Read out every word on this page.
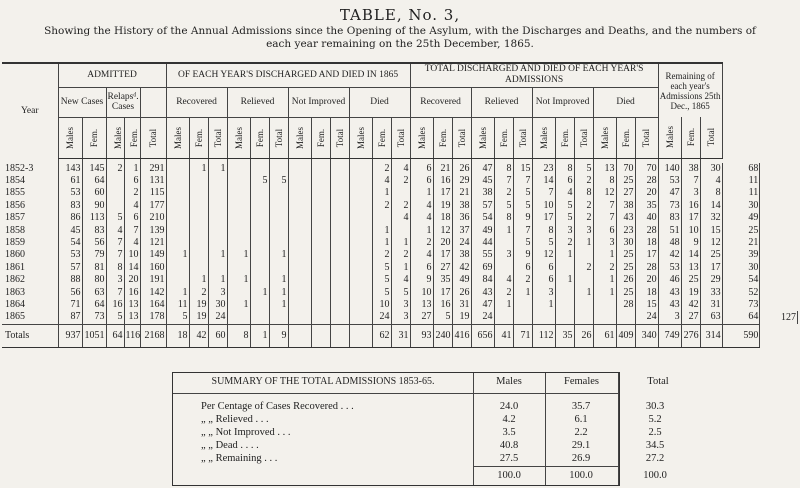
TABLE, No. 3,
Showing the History of the Annual Admissions since the Opening of the Asylum, with the Discharges and Deaths, and the numbers of each year remaining on the 25th December, 1865.
Year	ADMITTED					OF EACH YEAR'S DISCHARGED AND DIED IN 1865												TOTAL DISCHARGED AND DIED OF EACH YEAR'S ADMISSIONS												Remaining of each year's Admissions 25th Dec., 1865				
	New Cases		Relapsᵈ. Cases			Recovered			Relieved			Not Improved			Died			Recovered			Relieved			Not Improved			Died							
	Males	Fem.	Males	Fem.	Total	Males	Fem.	Total	Males	Fem.	Total	Males	Fem.	Total	Males	Fem.	Total	Males	Fem.	Total	Males	Fem.	Total	Males	Fem.	Total	Males	Fem.	Total	Males	Fem.	Total		

1852-3	143	145	2	1	291		1	1								2	4	6	21	26	47	8	15	23	8	5	13	70	70	140	38	30	68	
1854	61	64		6	131					5	5					4	2	6	16	29	45	7	7	14	6	2	8	25	28	53	7	4	11	
1855	53	60		2	115											1		1	17	21	38	2	5	7	4	8	12	27	20	47	3	8	11	
1856	83	90		4	177											2	2	4	19	38	57	5	5	10	5	2	7	38	35	73	16	14	30	
1857	86	113	5	6	210												4	4	18	36	54	8	9	17	5	2	7	43	40	83	17	32	49	
1858	45	83	4	7	139											1		1	12	37	49	1	7	8	3	3	6	23	28	51	10	15	25	
1859	54	56	7	4	121											1	1	2	20	24	44		5	5	2	1	3	30	18	48	9	12	21	
1860	53	79	7	10	149	1		1	1		1					2	2	4	17	38	55	3	9	12	1		1	25	17	42	14	25	39	
1861	57	81	8	14	160											5	1	6	27	42	69		6	6		2	2	25	28	53	13	17	30	
1862	88	80	3	20	191		1	1	1		1					5	4	9	35	49	84	4	2	6	1		1	26	20	46	25	29	54	
1863	56	63	7	16	142	1	2	3		1	1					5	5	10	17	26	43	2	1	3		1	1	25	18	43	19	33	52	
1864	71	64	16	13	164	11	19	30	1		1					10	3	13	16	31	47	1		1				28	15	43	42	31	73	
1865	87	73	5	13	178	5	19	24								24	3	27	5	19	24								24	3	27	63	64	127
Totals	937	1051	64	116	2168	18	42	60	8	1	9					62	31	93	240	416	656	41	71	112	35	26	61	409	340	749	276	314	590	
SUMMARY OF THE TOTAL ADMISSIONS 1853-65.	Males	Females	Total
Per Centage of Cases Recovered . . .	24.0	35.7	30.3
„ „ Relieved . . .	4.2	6.1	5.2
„ „ Not Improved . . .	3.5	2.2	2.5
„ „ Dead . . . .	40.8	29.1	34.5
„ „ Remaining . . .	27.5	26.9	27.2
100.0	100.0	100.0
